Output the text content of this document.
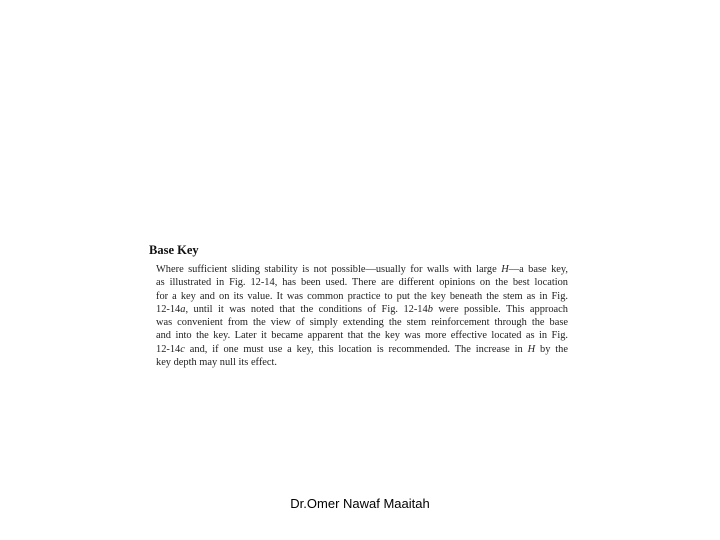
Base Key
Where sufficient sliding stability is not possible—usually for walls with large H—a base key,
as illustrated in Fig. 12-14, has been used. There are different opinions on the best location
for a key and on its value. It was common practice to put the key beneath the stem as in Fig.
12-14a, until it was noted that the conditions of Fig. 12-14b were possible. This approach
was convenient from the view of simply extending the stem reinforcement through the base
and into the key. Later it became apparent that the key was more effective located as in Fig.
12-14c and, if one must use a key, this location is recommended. The increase in H by the
key depth may null its effect.
Dr.Omer Nawaf Maaitah
